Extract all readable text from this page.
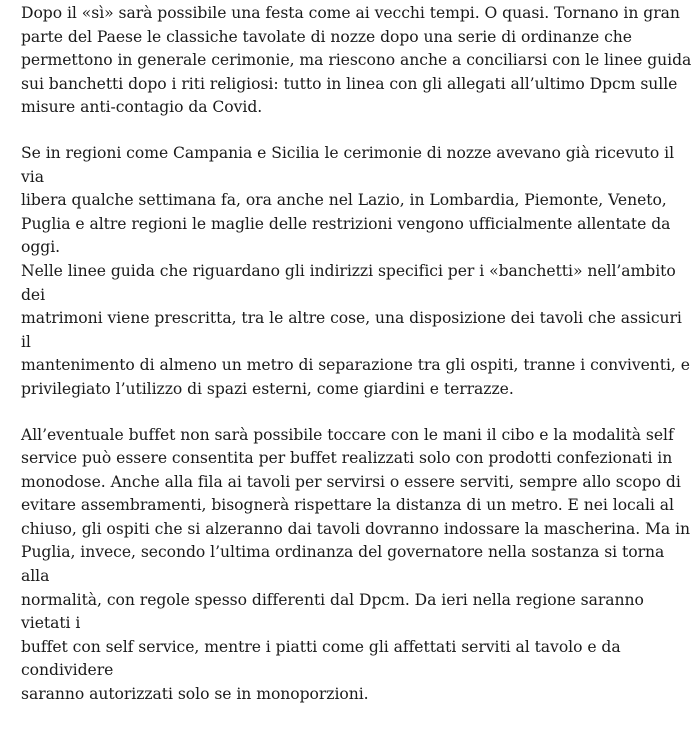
Dopo il «sì» sarà possibile una festa come ai vecchi tempi. O quasi. Tornano in gran
parte del Paese le classiche tavolate di nozze dopo una serie di ordinanze che
permettono in generale cerimonie, ma riescono anche a conciliarsi con le linee guida
sui banchetti dopo i riti religiosi: tutto in linea con gli allegati all’ultimo Dpcm sulle
misure anti-contagio da Covid.

Se in regioni come Campania e Sicilia le cerimonie di nozze avevano già ricevuto il via
libera qualche settimana fa, ora anche nel Lazio, in Lombardia, Piemonte, Veneto,
Puglia e altre regioni le maglie delle restrizioni vengono ufficialmente allentate da oggi.
Nelle linee guida che riguardano gli indirizzi specifici per i «banchetti» nell’ambito dei
matrimoni viene prescritta, tra le altre cose, una disposizione dei tavoli che assicuri il
mantenimento di almeno un metro di separazione tra gli ospiti, tranne i conviventi, e
privilegiato l’utilizzo di spazi esterni, come giardini e terrazze.

All’eventuale buffet non sarà possibile toccare con le mani il cibo e la modalità self
service può essere consentita per buffet realizzati solo con prodotti confezionati in
monodose. Anche alla fila ai tavoli per servirsi o essere serviti, sempre allo scopo di
evitare assembramenti, bisognerà rispettare la distanza di un metro. E nei locali al
chiuso, gli ospiti che si alzeranno dai tavoli dovranno indossare la mascherina. Ma in
Puglia, invece, secondo l’ultima ordinanza del governatore nella sostanza si torna alla
normalità, con regole spesso differenti dal Dpcm. Da ieri nella regione saranno vietati i
buffet con self service, mentre i piatti come gli affettati serviti al tavolo e da condividere
saranno autorizzati solo se in monoporzioni.
